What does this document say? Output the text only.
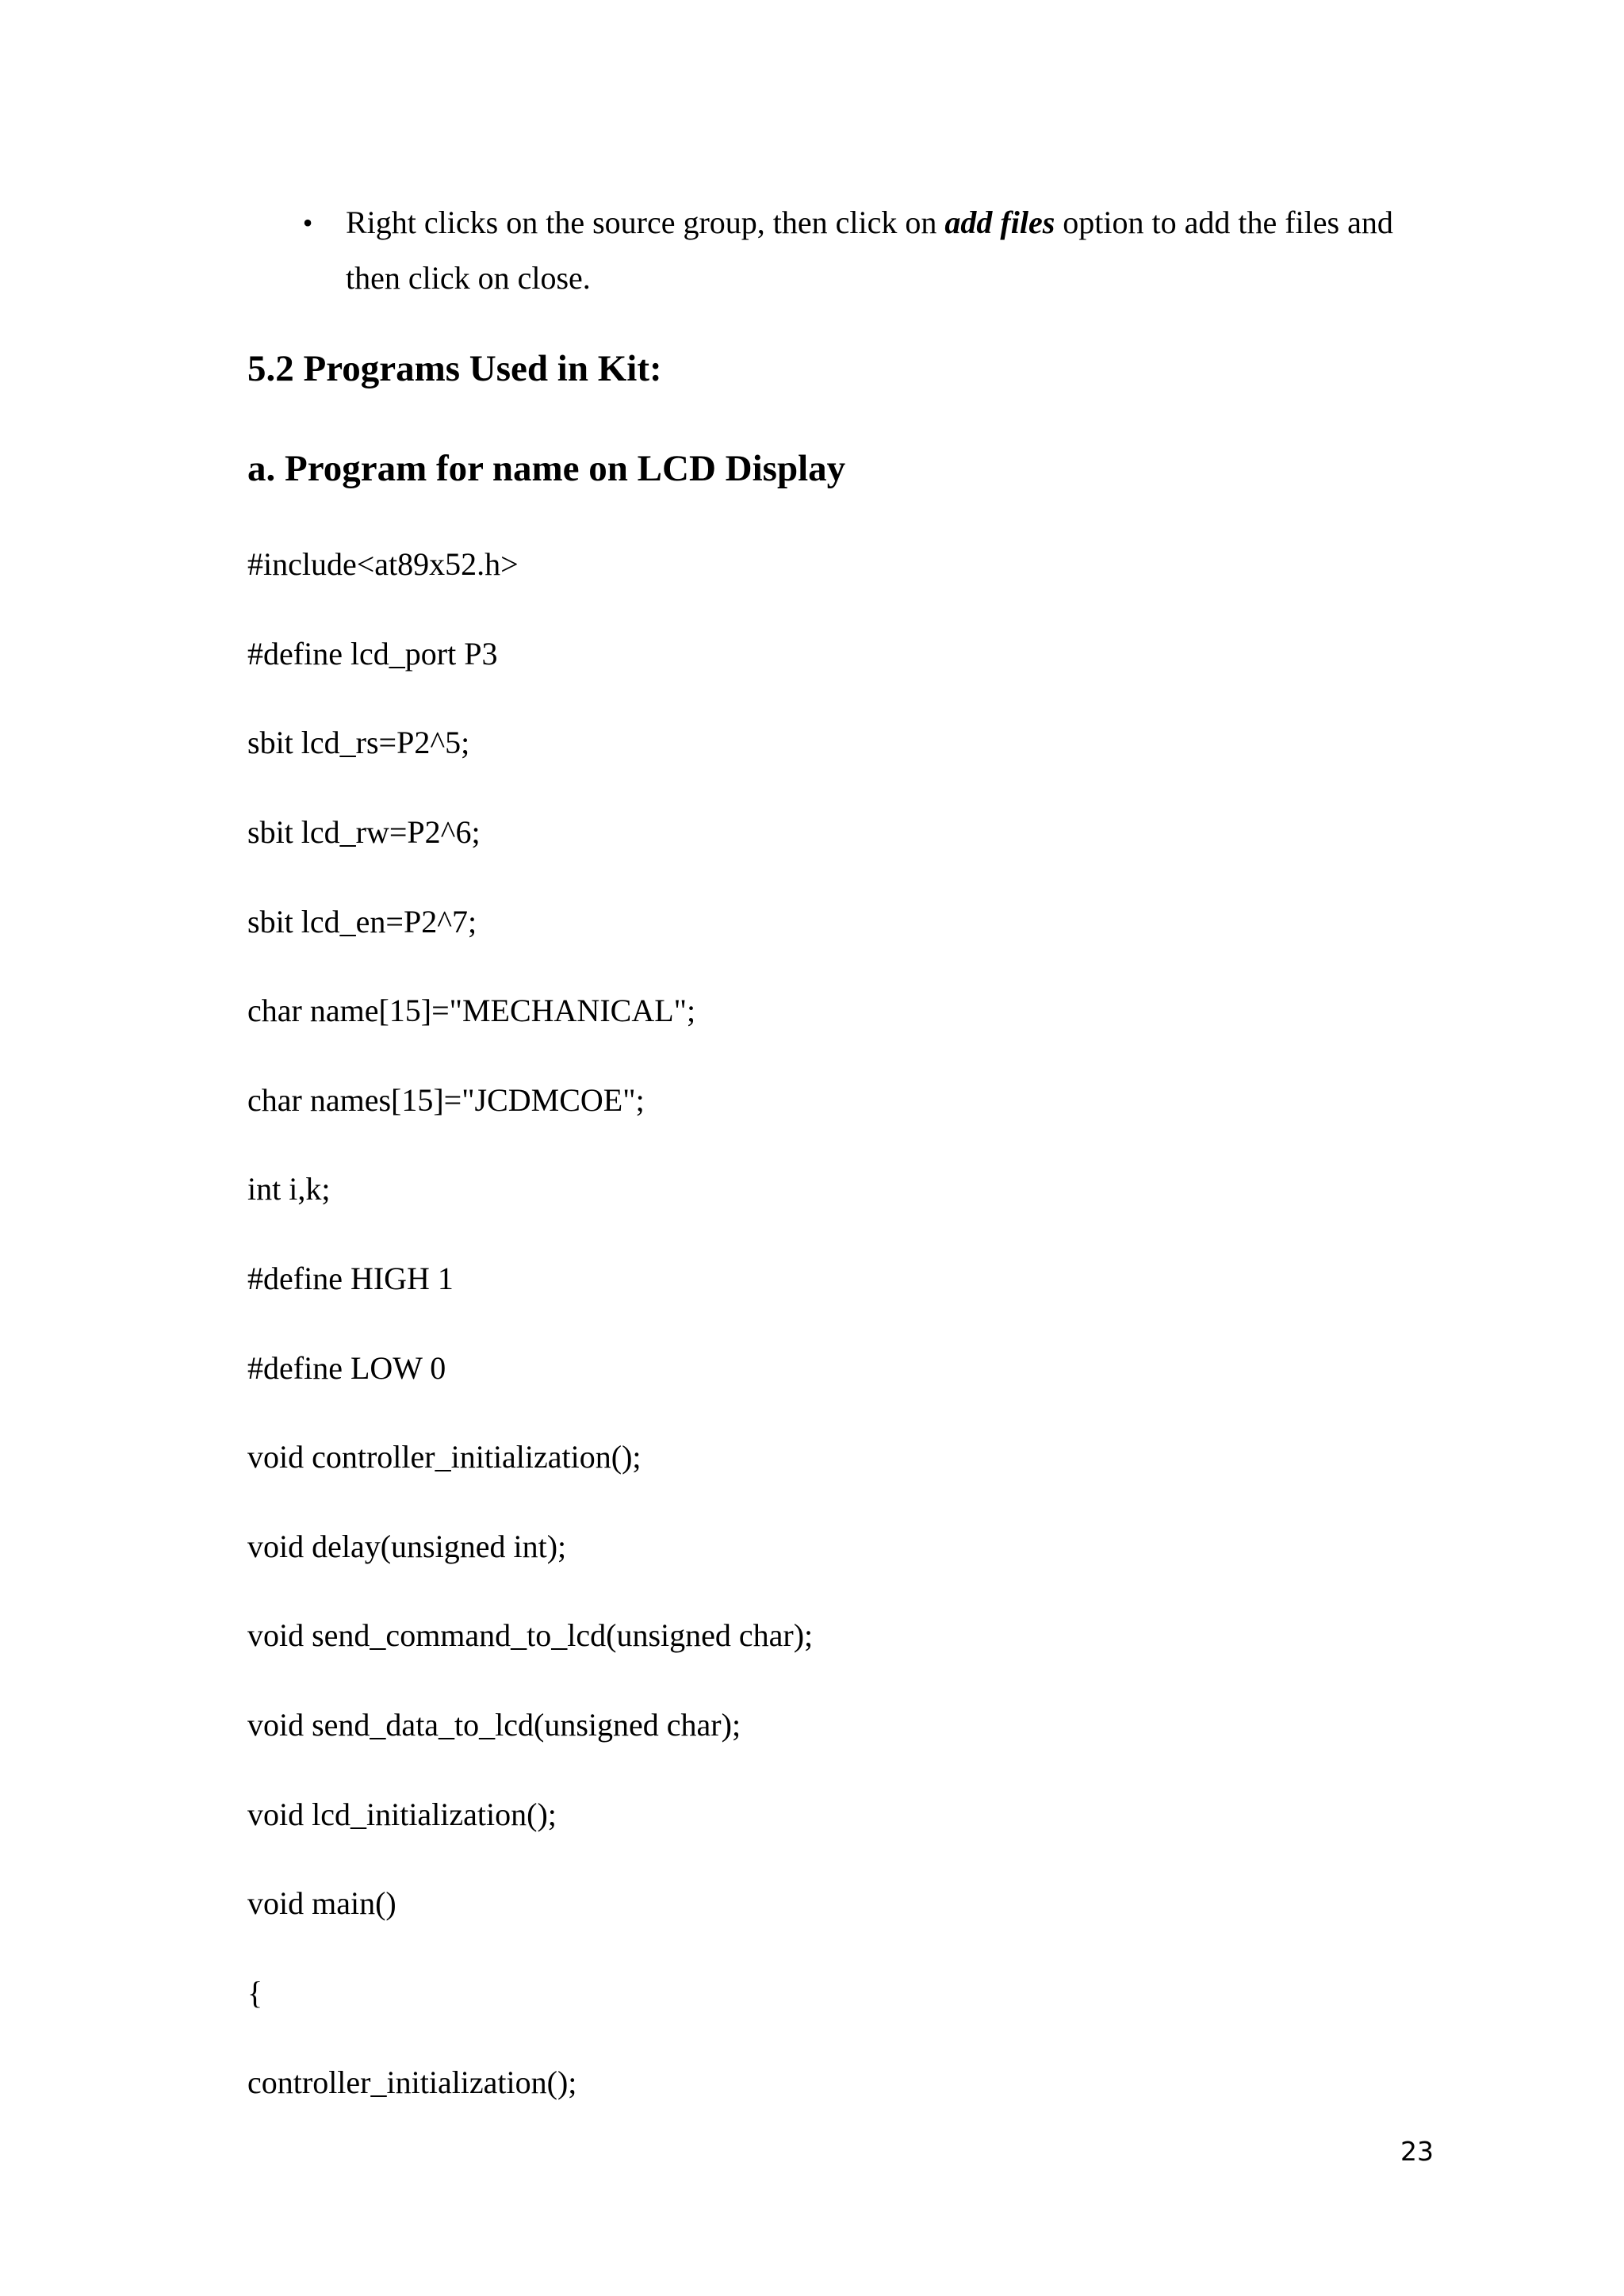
•	Right clicks on the source group, then click on add files option to add the files and then click on close.
5.2 Programs Used in Kit:
a. Program for name on LCD Display
#include<at89x52.h>
#define lcd_port P3
sbit lcd_rs=P2^5;
sbit lcd_rw=P2^6;
sbit lcd_en=P2^7;
char name[15]="MECHANICAL";
char names[15]="JCDMCOE";
int i,k;
#define HIGH 1
#define LOW 0
void controller_initialization();
void delay(unsigned int);
void send_command_to_lcd(unsigned char);
void send_data_to_lcd(unsigned char);
void lcd_initialization();
void main()
{
controller_initialization();
23
